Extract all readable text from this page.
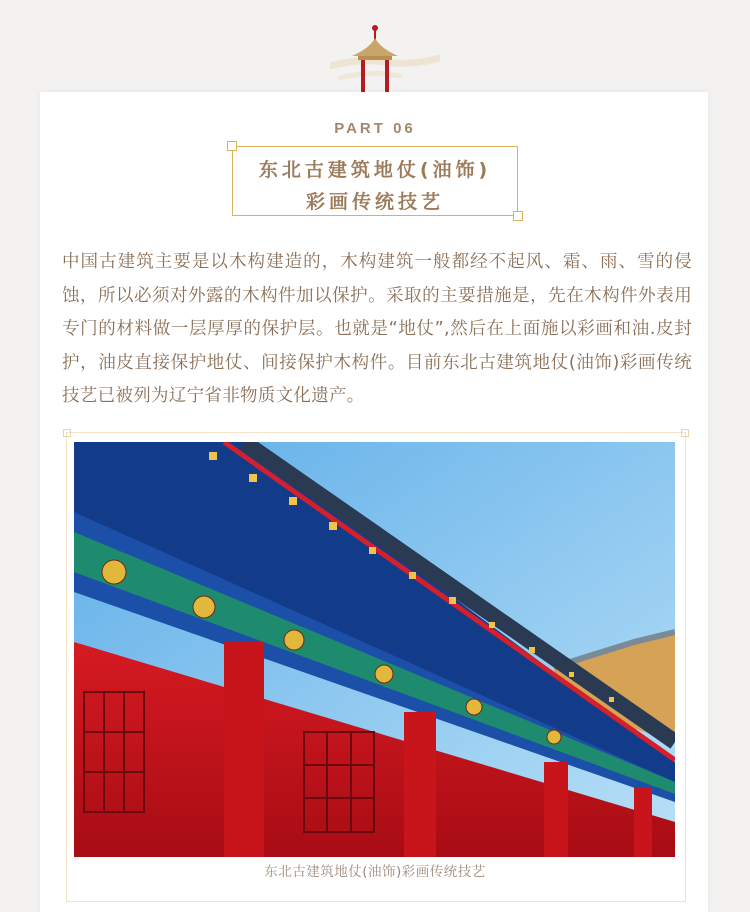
PART 06
东北古建筑地仗(油饰)
彩画传统技艺
中国古建筑主要是以木构建造的，木构建筑一般都经不起风、霜、雨、雪的侵蚀，所以必须对外露的木构件加以保护。采取的主要措施是，先在木构件外表用专门的材料做一层厚厚的保护层。也就是“地仗”,然后在上面施以彩画和油.皮封护，油皮直接保护地仗、间接保护木构件。目前东北古建筑地仗(油饰)彩画传统技艺已被列为辽宁省非物质文化遗产。
东北古建筑地仗(油饰)彩画传统技艺
